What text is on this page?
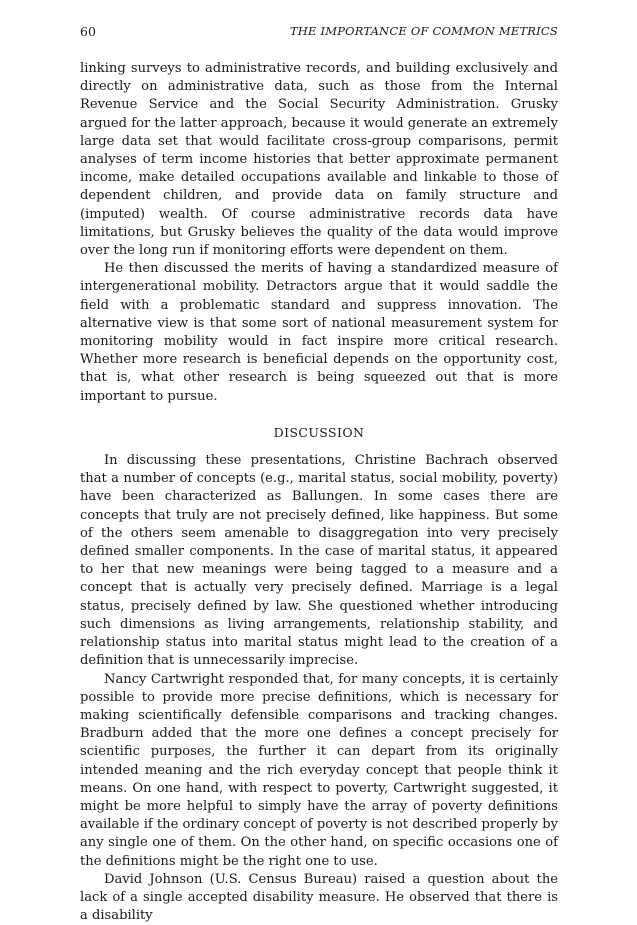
60	THE IMPORTANCE OF COMMON METRICS

linking surveys to administrative records, and building exclusively and directly on administrative data, such as those from the Internal Revenue Service and the Social Security Administration. Grusky argued for the latter approach, because it would generate an extremely large data set that would facilitate cross-group comparisons, permit analyses of term income histories that better approximate permanent income, make detailed occupations available and linkable to those of dependent children, and provide data on family structure and (imputed) wealth. Of course administrative records data have limitations, but Grusky believes the quality of the data would improve over the long run if monitoring efforts were dependent on them.

He then discussed the merits of having a standardized measure of intergenerational mobility. Detractors argue that it would saddle the field with a problematic standard and suppress innovation. The alternative view is that some sort of national measurement system for monitoring mobility would in fact inspire more critical research. Whether more research is beneficial depends on the opportunity cost, that is, what other research is being squeezed out that is more important to pursue.

DISCUSSION

In discussing these presentations, Christine Bachrach observed that a number of concepts (e.g., marital status, social mobility, poverty) have been characterized as Ballungen. In some cases there are concepts that truly are not precisely defined, like happiness. But some of the others seem amenable to disaggregation into very precisely defined smaller components. In the case of marital status, it appeared to her that new meanings were being tagged to a measure and a concept that is actually very precisely defined. Marriage is a legal status, precisely defined by law. She questioned whether introducing such dimensions as living arrangements, relationship stability, and relationship status into marital status might lead to the creation of a definition that is unnecessarily imprecise.

Nancy Cartwright responded that, for many concepts, it is certainly possible to provide more precise definitions, which is necessary for making scientifically defensible comparisons and tracking changes. Bradburn added that the more one defines a concept precisely for scientific purposes, the further it can depart from its originally intended meaning and the rich everyday concept that people think it means. On one hand, with respect to poverty, Cartwright suggested, it might be more helpful to simply have the array of poverty definitions available if the ordinary concept of poverty is not described properly by any single one of them. On the other hand, on specific occasions one of the definitions might be the right one to use.

David Johnson (U.S. Census Bureau) raised a question about the lack of a single accepted disability measure. He observed that there is a disability
